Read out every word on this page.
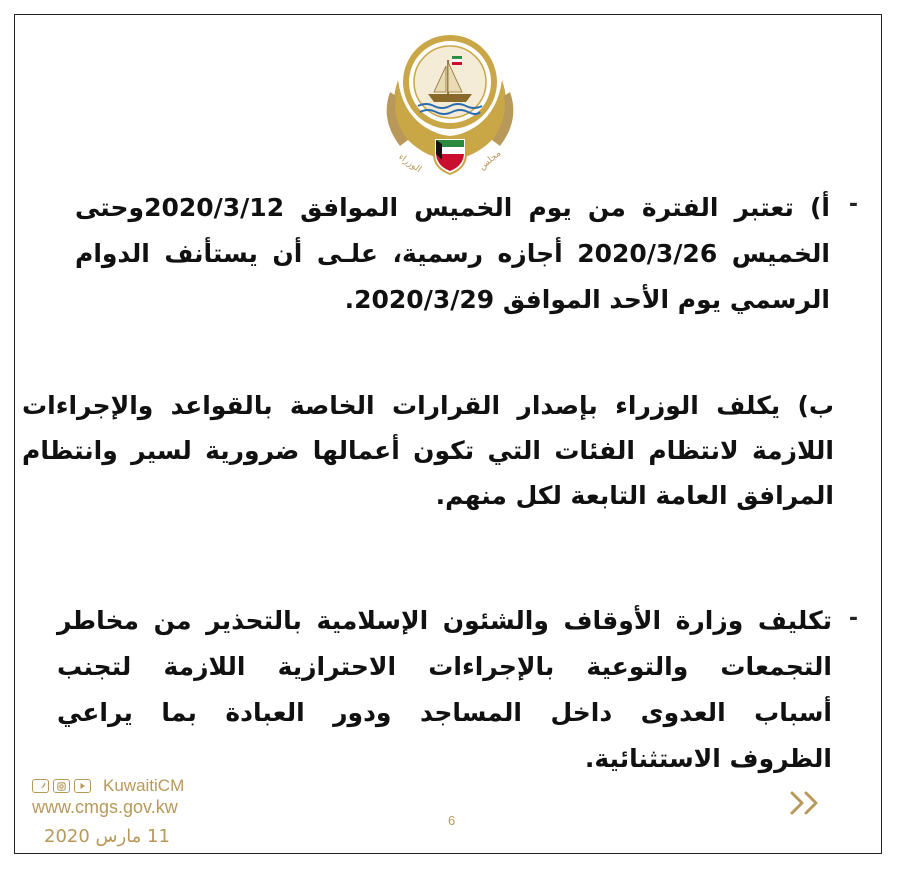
الوزراء	مجلس
-
أ) تعتبر الفترة من يوم الخميس الموافق 2020/3/12وحتى
الخميس 2020/3/26 أجازه رسمية، علـى أن يستأنف الدوام
الرسمي يوم الأحد الموافق 2020/3/29.
ب) يكلف الوزراء بإصدار القرارات الخاصة بالقواعد والإجراءات
اللازمة لانتظام الفئات التي تكون أعمالها ضرورية لسير وانتظام
المرافق العامة التابعة لكل منهم.
-
تكليف وزارة الأوقاف والشئون الإسلامية بالتحذير من مخاطر
التجمعات والتوعية بالإجراءات الاحترازية اللازمة لتجنب
أسباب العدوى داخل المساجد ودور العبادة بما يراعي
الظروف الاستثنائية.
KuwaitiCM
www.cmgs.gov.kw
11 مارس 2020
6
